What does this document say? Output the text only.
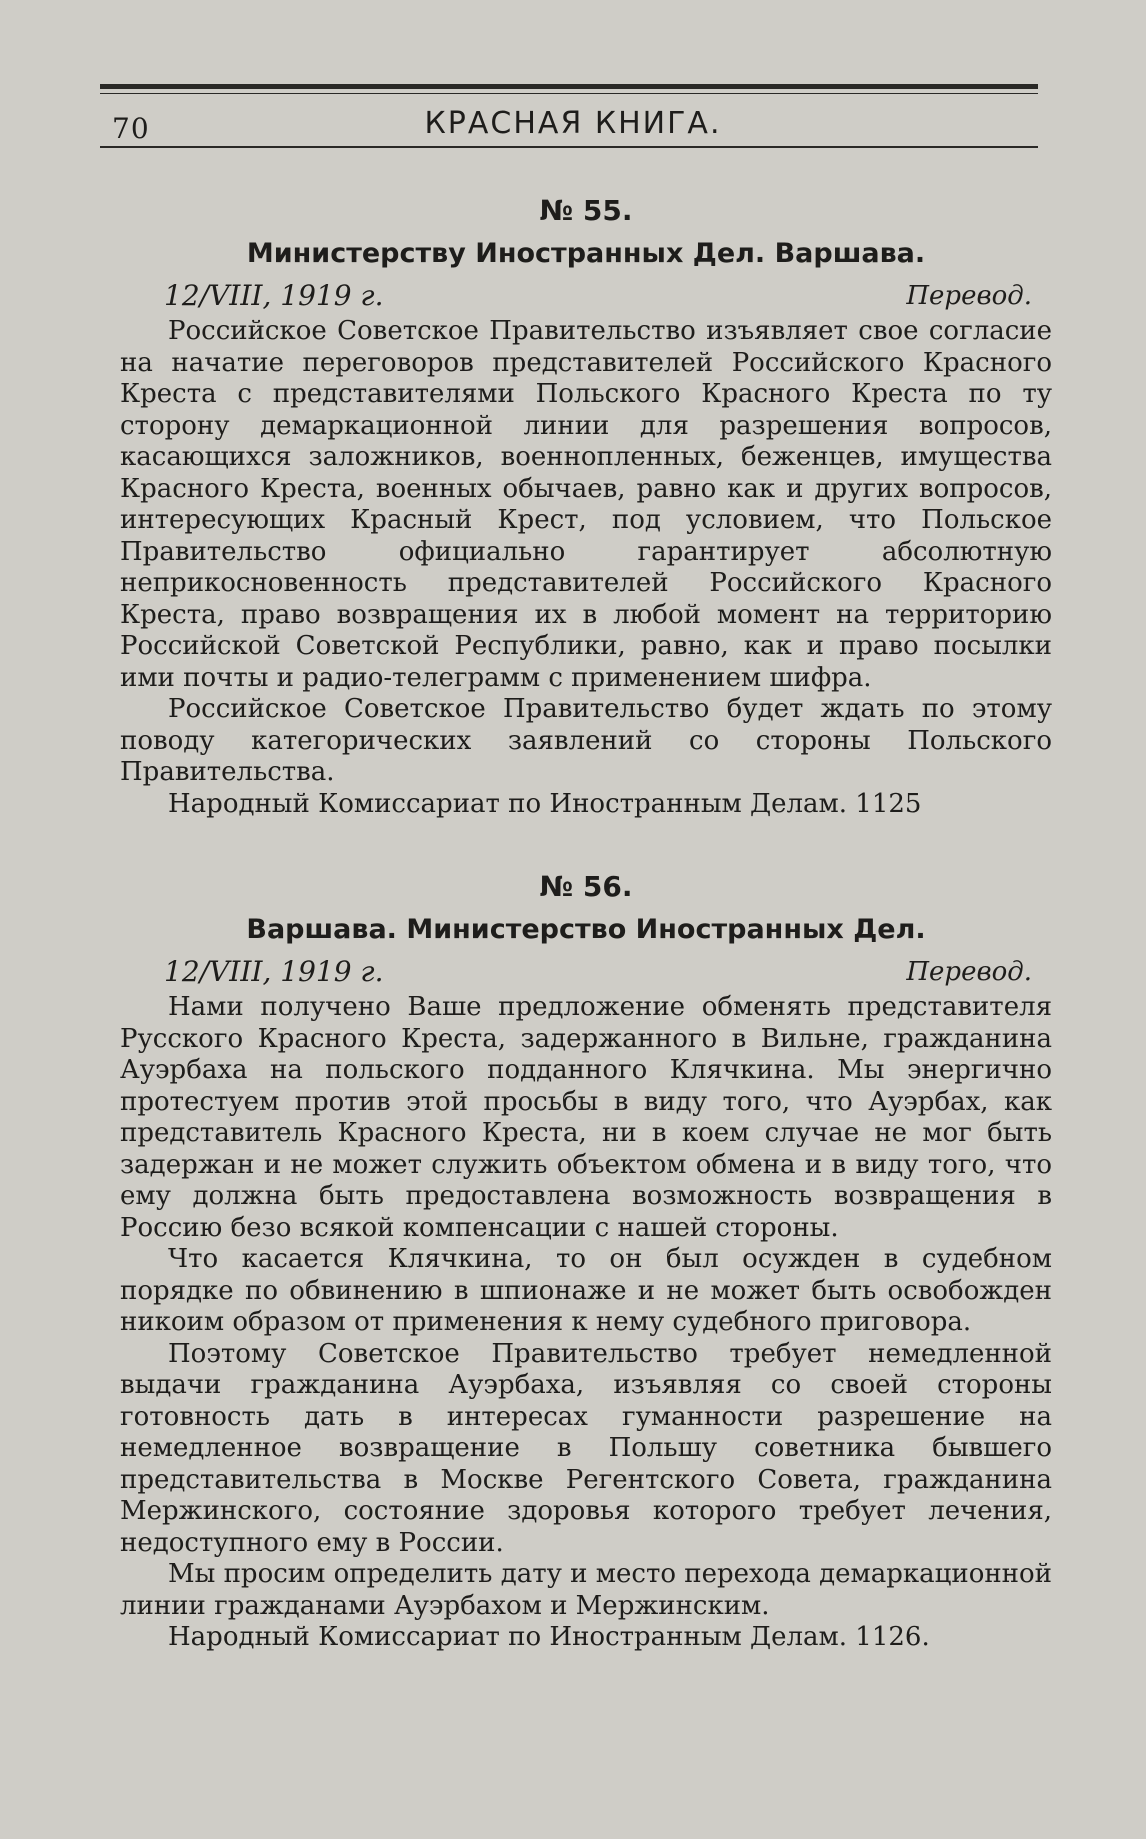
70	КРАСНАЯ КНИГА.
№ 55.
Министерству Иностранных Дел. Варшава.
12/VIII, 1919 г.	Перевод.

Российское Советское Правительство изъявляет свое согласие на начатие переговоров представителей Российского Красного Креста с представителями Польского Красного Креста по ту сторону демаркационной линии для разрешения вопросов, касающихся заложников, военнопленных, беженцев, имущества Красного Креста, военных обычаев, равно как и других вопросов, интересующих Красный Крест, под условием, что Польское Правительство официально гарантирует абсолютную неприкосновенность представителей Российского Красного Креста, право возвращения их в любой момент на территорию Российской Советской Республики, равно, как и право посылки ими почты и радио-телеграмм с применением шифра.

Российское Советское Правительство будет ждать по этому поводу категорических заявлений со стороны Польского Правительства.

Народный Комиссариат по Иностранным Делам. 1125

№ 56.
Варшава. Министерство Иностранных Дел.
12/VIII, 1919 г.	Перевод.

Нами получено Ваше предложение обменять представителя Русского Красного Креста, задержанного в Вильне, гражданина Ауэрбаха на польского подданного Клячкина. Мы энергично протестуем против этой просьбы в виду того, что Ауэрбах, как представитель Красного Креста, ни в коем случае не мог быть задержан и не может служить объектом обмена и в виду того, что ему должна быть предоставлена возможность возвращения в Россию безо всякой компенсации с нашей стороны.

Что касается Клячкина, то он был осужден в судебном порядке по обвинению в шпионаже и не может быть освобожден никоим образом от применения к нему судебного приговора.

Поэтому Советское Правительство требует немедленной выдачи гражданина Ауэрбаха, изъявляя со своей стороны готовность дать в интересах гуманности разрешение на немедленное возвращение в Польшу советника бывшего представительства в Москве Регентского Совета, гражданина Мержинского, состояние здоровья которого требует лечения, недоступного ему в России.

Мы просим определить дату и место перехода демаркационной линии гражданами Ауэрбахом и Мержинским.

Народный Комиссариат по Иностранным Делам. 1126.
